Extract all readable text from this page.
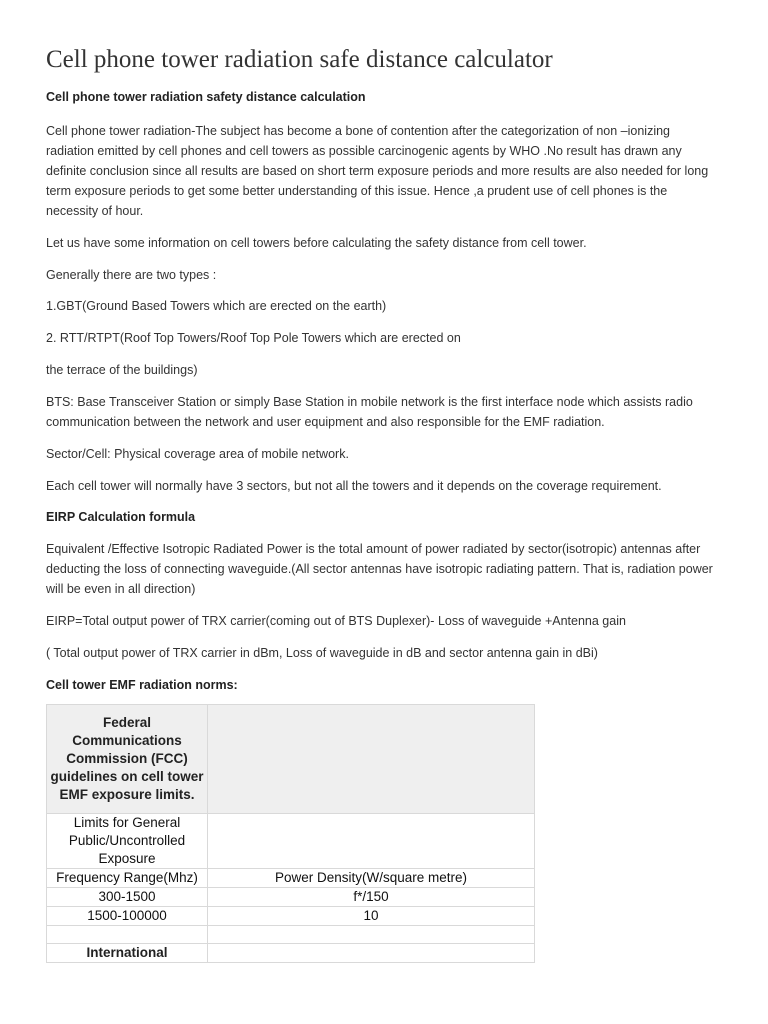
Cell phone tower radiation safe distance calculator
Cell phone tower radiation safety distance calculation

Cell phone tower radiation-The subject has become a bone of contention after the categorization of non –ionizing radiation emitted by cell phones and cell towers as possible carcinogenic agents by WHO .No result has drawn any definite conclusion since all results are based on short term exposure periods and more results are also needed for long term exposure periods to get some better understanding of this issue. Hence ,a prudent use of cell phones is the necessity of hour.

Let us have some information on cell towers before calculating the safety distance from cell tower.

Generally there are two types :

1.GBT(Ground Based Towers which are erected on the earth)

2. RTT/RTPT(Roof Top Towers/Roof Top Pole Towers which are erected on

the terrace of the buildings)

BTS: Base Transceiver Station or simply Base Station in mobile network is the first interface node which assists radio communication between the network and user equipment and also responsible for the EMF radiation.

Sector/Cell: Physical coverage area of mobile network.

Each cell tower will normally have 3 sectors, but not all the towers and it depends on the coverage requirement.

EIRP Calculation formula

Equivalent /Effective Isotropic Radiated Power is the total amount of power radiated by sector(isotropic) antennas after deducting the loss of connecting waveguide.(All sector antennas have isotropic radiating pattern. That is, radiation power will be even in all direction)

EIRP=Total output power of TRX carrier(coming out of BTS Duplexer)- Loss of waveguide +Antenna gain

( Total output power of TRX carrier in dBm, Loss of waveguide in dB and sector antenna gain in dBi)

Cell tower EMF radiation norms:

Federal Communications Commission (FCC) guidelines on cell tower EMF exposure limits.	
Limits for General Public/Uncontrolled Exposure	
Frequency Range(Mhz)	Power Density(W/square metre)
300-1500	f*/150
1500-100000	10

International	
